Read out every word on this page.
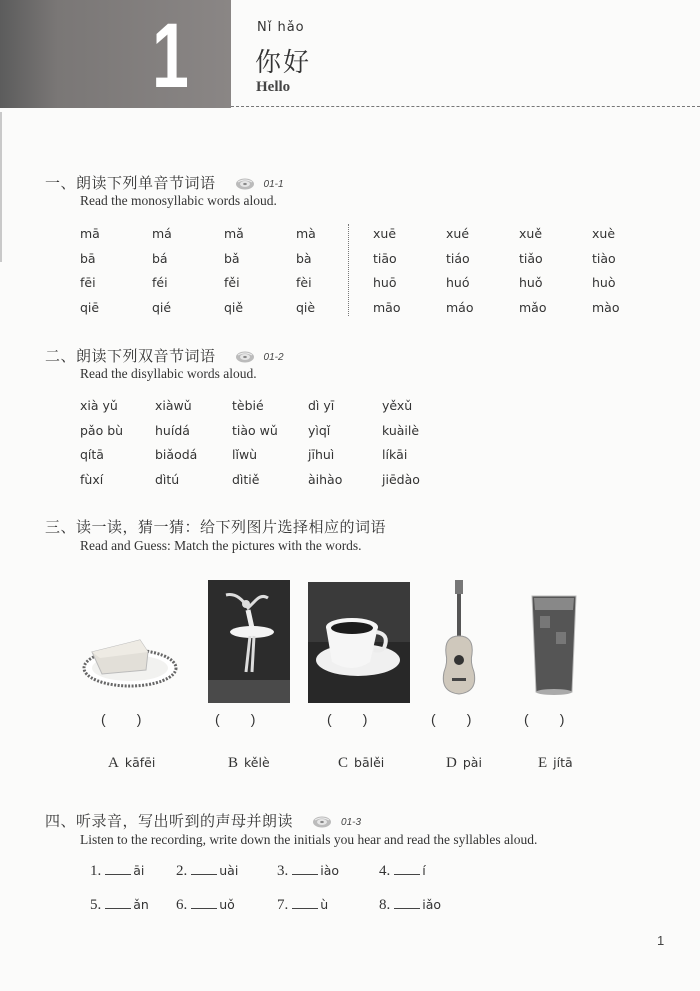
1	Nǐ hǎo
你好
Hello
一、朗读下列单音节词语	01-1
Read the monosyllabic words aloud.
mā	má	mǎ	mà
bā	bá	bǎ	bà
fēi	féi	fěi	fèi
qiē	qié	qiě	qiè
xuē	xué	xuě	xuè
tiāo	tiáo	tiǎo	tiào
huō	huó	huǒ	huò
māo	máo	mǎo	mào
二、朗读下列双音节词语	01-2
Read the disyllabic words aloud.
xià yǔ	xiàwǔ	tèbié	dì yī	yěxǔ
pǎo bù	huídá	tiào wǔ	yìqǐ	kuàilè
qítā	biǎodá	lǐwù	jīhuì	líkāi
fùxí	dìtú	dìtiě	àihào	jiēdào
三、读一读，猜一猜：给下列图片选择相应的词语
Read and Guess: Match the pictures with the words.
(        )	(        )	(        )	(        )	(        )
A kāfēi	B kělè	C bālěi	D pài	E jítā
四、听录音，写出听到的声母并朗读	01-3
Listen to the recording, write down the initials you hear and read the syllables aloud.
1.	āi 2.	uài	3.	iào	4.	í
5.	ǎn 6.	uǒ	7.	ù	8.	iǎo
1
